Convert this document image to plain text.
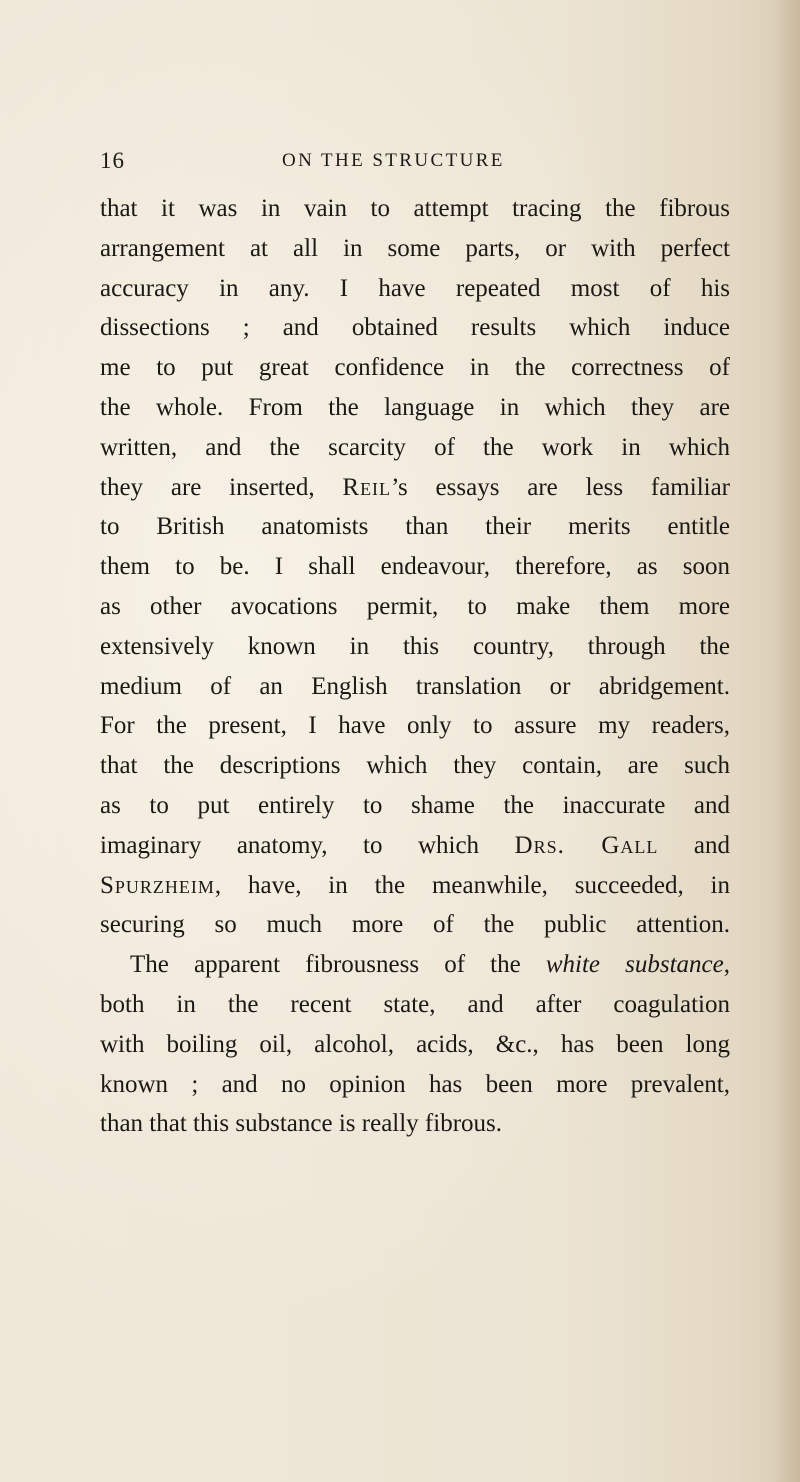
16	ON THE STRUCTURE
that it was in vain to attempt tracing the fibrous
arrangement at all in some parts, or with perfect
accuracy in any. I have repeated most of his
dissections ; and obtained results which induce
me to put great confidence in the correctness of
the whole. From the language in which they are
written, and the scarcity of the work in which
they are inserted, Reil’s essays are less familiar
to British anatomists than their merits entitle
them to be. I shall endeavour, therefore, as soon
as other avocations permit, to make them more
extensively known in this country, through the
medium of an English translation or abridgement.
For the present, I have only to assure my readers,
that the descriptions which they contain, are such
as to put entirely to shame the inaccurate and
imaginary anatomy, to which Drs. Gall and
Spurzheim, have, in the meanwhile, succeeded, in
securing so much more of the public attention.
The apparent fibrousness of the white substance,
both in the recent state, and after coagulation
with boiling oil, alcohol, acids, &c., has been long
known ; and no opinion has been more prevalent,
than that this substance is really fibrous.
